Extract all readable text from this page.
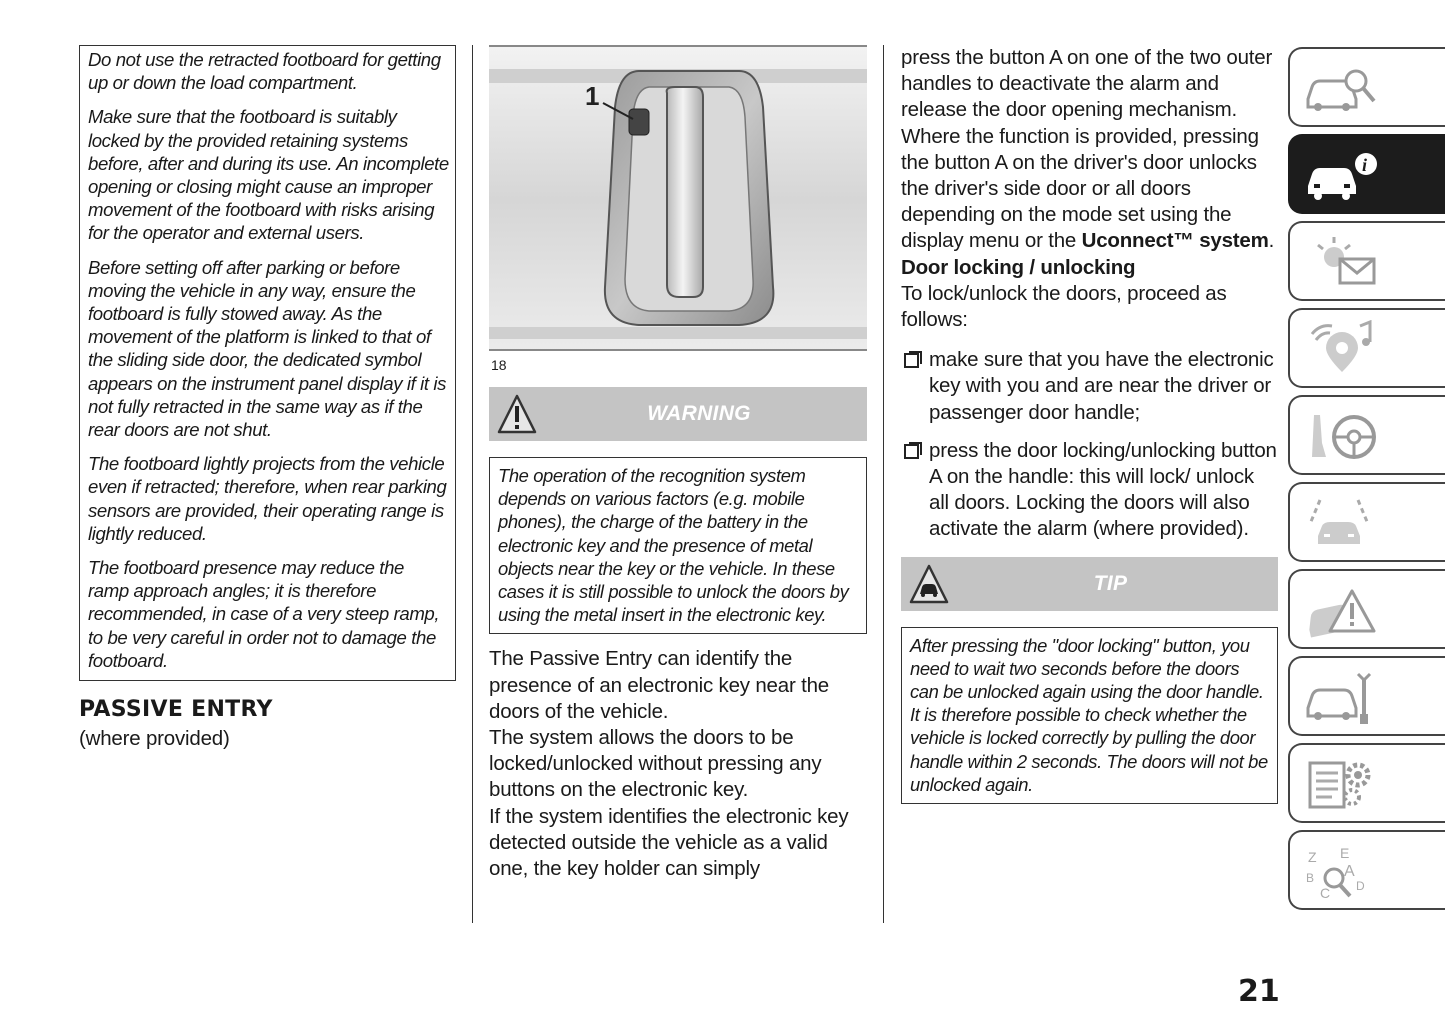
Do not use the retracted footboard for getting up or down the load compartment.

Make sure that the footboard is suitably locked by the provided retaining systems before, after and during its use. An incomplete opening or closing might cause an improper movement of the footboard with risks arising for the operator and external users.

Before setting off after parking or before moving the vehicle in any way, ensure the footboard is fully stowed away. As the movement of the platform is linked to that of the sliding side door, the dedicated symbol appears on the instrument panel display if it is not fully retracted in the same way as if the rear doors are not shut.

The footboard lightly projects from the vehicle even if retracted; therefore, when rear parking sensors are provided, their operating range is lightly reduced.

The footboard presence may reduce the ramp approach angles; it is therefore recommended, in case of a very steep ramp, to be very careful in order not to damage the footboard.

PASSIVE ENTRY
(where provided)
1
18
WARNING
The operation of the recognition system depends on various factors (e.g. mobile phones), the charge of the battery in the electronic key and the presence of metal objects near the key or the vehicle. In these cases it is still possible to unlock the doors by using the metal insert in the electronic key.
The Passive Entry can identify the presence of an electronic key near the doors of the vehicle.
The system allows the doors to be locked/unlocked without pressing any buttons on the electronic key.
If the system identifies the electronic key detected outside the vehicle as a valid one, the key holder can simply
press the button A on one of the two outer handles to deactivate the alarm and release the door opening mechanism.
Where the function is provided, pressing the button A on the driver's door unlocks the driver's side door or all doors depending on the mode set using the display menu or the Uconnect™ system.
Door locking / unlocking
To lock/unlock the doors, proceed as follows:
make sure that you have the electronic key with you and are near the driver or passenger door handle;
press the door locking/unlocking button A on the handle: this will lock/ unlock all doors. Locking the doors will also activate the alarm (where provided).
TIP
After pressing the "door locking" button, you need to wait two seconds before the doors can be unlocked again using the door handle. It is therefore possible to check whether the vehicle is locked correctly by pulling the door handle within 2 seconds. The doors will not be unlocked again.
i
Z E
A
B
C D
21
